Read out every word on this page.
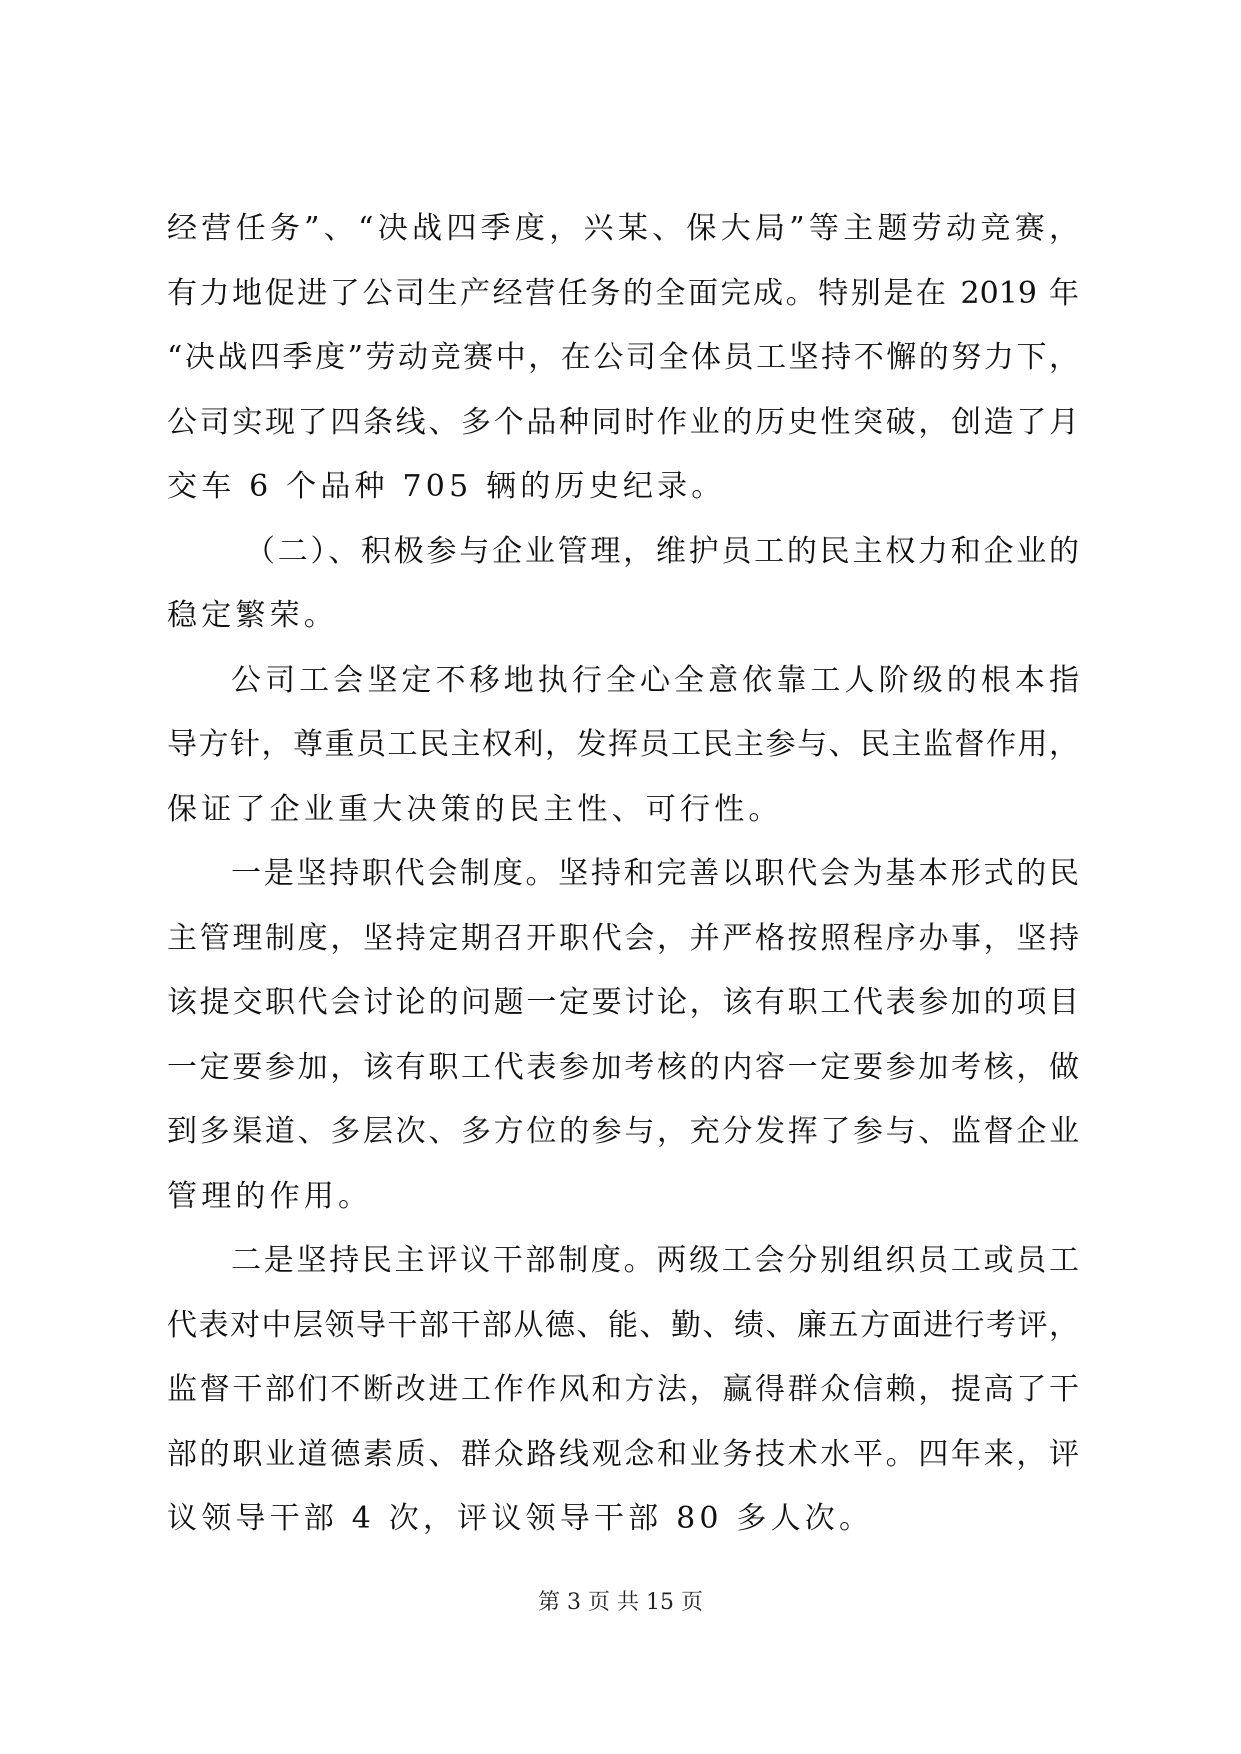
经营任务”、“决战四季度，兴某、保大局”等主题劳动竞赛，
有力地促进了公司生产经营任务的全面完成。特别是在 2019 年
“决战四季度”劳动竞赛中，在公司全体员工坚持不懈的努力下，
公司实现了四条线、多个品种同时作业的历史性突破，创造了月
交车 6 个品种 705 辆的历史纪录。
（二）、积极参与企业管理，维护员工的民主权力和企业的
稳定繁荣。
公司工会坚定不移地执行全心全意依靠工人阶级的根本指
导方针，尊重员工民主权利，发挥员工民主参与、民主监督作用，
保证了企业重大决策的民主性、可行性。
一是坚持职代会制度。坚持和完善以职代会为基本形式的民
主管理制度，坚持定期召开职代会，并严格按照程序办事，坚持
该提交职代会讨论的问题一定要讨论，该有职工代表参加的项目
一定要参加，该有职工代表参加考核的内容一定要参加考核，做
到多渠道、多层次、多方位的参与，充分发挥了参与、监督企业
管理的作用。
二是坚持民主评议干部制度。两级工会分别组织员工或员工
代表对中层领导干部干部从德、能、勤、绩、廉五方面进行考评，
监督干部们不断改进工作作风和方法，赢得群众信赖，提高了干
部的职业道德素质、群众路线观念和业务技术水平。四年来，评
议领导干部 4 次，评议领导干部 80 多人次。
第 3 页 共 15 页
